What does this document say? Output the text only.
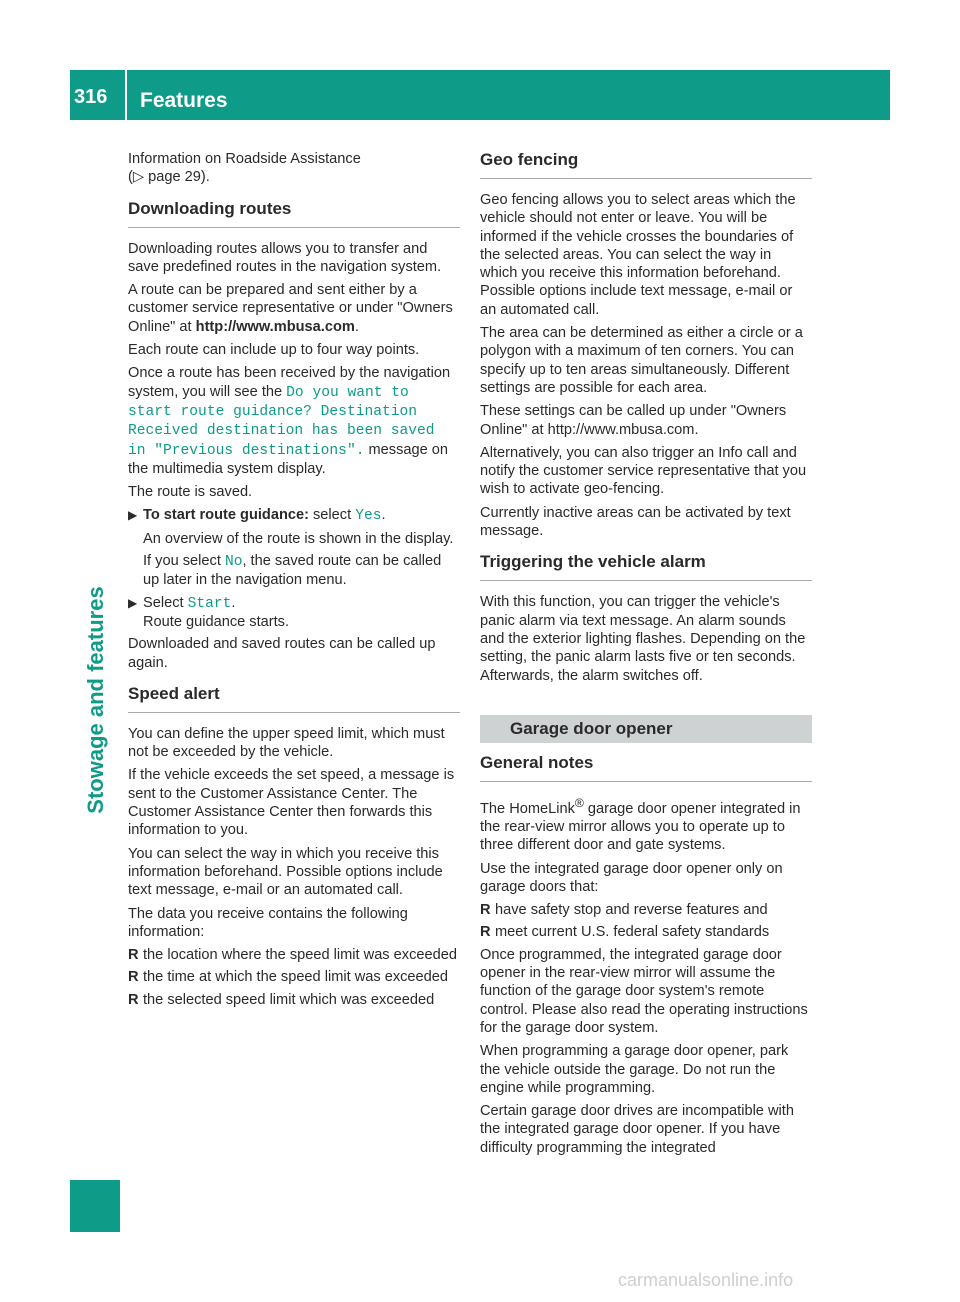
316	Features
Stowage and features

Information on Roadside Assistance

(▷ page 29).

Downloading routes

Downloading routes allows you to transfer and save predefined routes in the navigation system.

A route can be prepared and sent either by a customer service representative or under "Owners Online" at http://www.mbusa.com.

Each route can include up to four way points.

Once a route has been received by the navigation system, you will see the Do you want to start route guidance? Destination Received destination has been saved in "Previous destinations". message on the multimedia system display.

The route is saved.

▶ To start route guidance: select Yes.

An overview of the route is shown in the display.

If you select No, the saved route can be called up later in the navigation menu.

▶ Select Start.

Route guidance starts.

Downloaded and saved routes can be called up again.

Speed alert

You can define the upper speed limit, which must not be exceeded by the vehicle.

If the vehicle exceeds the set speed, a message is sent to the Customer Assistance Center. The Customer Assistance Center then forwards this information to you.

You can select the way in which you receive this information beforehand. Possible options include text message, e-mail or an automated call.

The data you receive contains the following information:

R the location where the speed limit was exceeded
R the time at which the speed limit was exceeded
R the selected speed limit which was exceeded
Geo fencing

Geo fencing allows you to select areas which the vehicle should not enter or leave. You will be informed if the vehicle crosses the boundaries of the selected areas. You can select the way in which you receive this information beforehand. Possible options include text message, e-mail or an automated call.

The area can be determined as either a circle or a polygon with a maximum of ten corners. You can specify up to ten areas simultaneously. Different settings are possible for each area.

These settings can be called up under "Owners Online" at http://www.mbusa.com.

Alternatively, you can also trigger an Info call and notify the customer service representative that you wish to activate geo-fencing.

Currently inactive areas can be activated by text message.

Triggering the vehicle alarm

With this function, you can trigger the vehicle's panic alarm via text message. An alarm sounds and the exterior lighting flashes. Depending on the setting, the panic alarm lasts five or ten seconds. Afterwards, the alarm switches off.

Garage door opener
General notes

The HomeLink® garage door opener integrated in the rear-view mirror allows you to operate up to three different door and gate systems.

Use the integrated garage door opener only on garage doors that:

R have safety stop and reverse features and
R meet current U.S. federal safety standards

Once programmed, the integrated garage door opener in the rear-view mirror will assume the function of the garage door system's remote control. Please also read the operating instructions for the garage door system.

When programming a garage door opener, park the vehicle outside the garage. Do not run the engine while programming.

Certain garage door drives are incompatible with the integrated garage door opener. If you have difficulty programming the integrated

carmanualsonline.info
